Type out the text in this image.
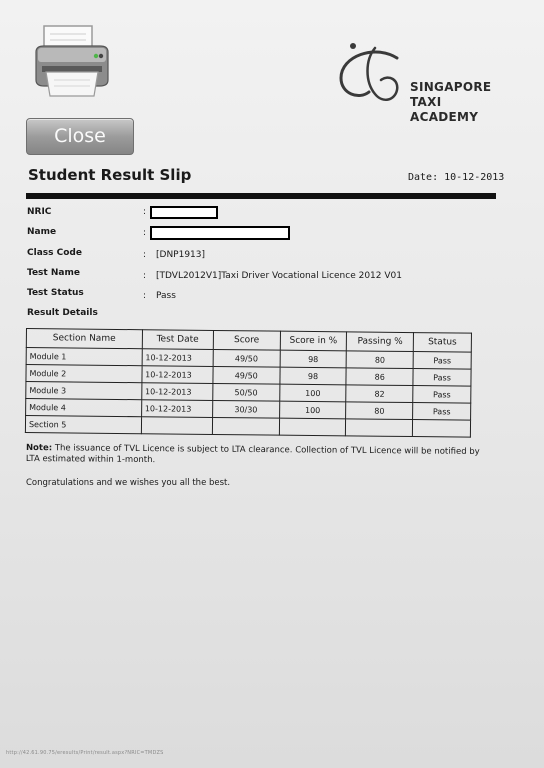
SINGAPORE
TAXI
ACADEMY
Close
Student Result Slip	Date: 10-12-2013
NRIC	:
Name	:
Class Code	: [DNP1913]
Test Name	: [TDVL2012V1]Taxi Driver Vocational Licence 2012 V01
Test Status	: Pass
Result Details
Section Name	Test Date	Score	Score in %	Passing %	Status
Module 1	10-12-2013	49/50	98	80	Pass
Module 2	10-12-2013	49/50	98	86	Pass
Module 3	10-12-2013	50/50	100	82	Pass
Module 4	10-12-2013	30/30	100	80	Pass
Section 5					
Note: The issuance of TVL Licence is subject to LTA clearance. Collection of TVL Licence will be notified by LTA estimated within 1-month.
Congratulations and we wishes you all the best.
http://42.61.90.75/eresults/Print/result.aspx?NRIC=TMDZS
